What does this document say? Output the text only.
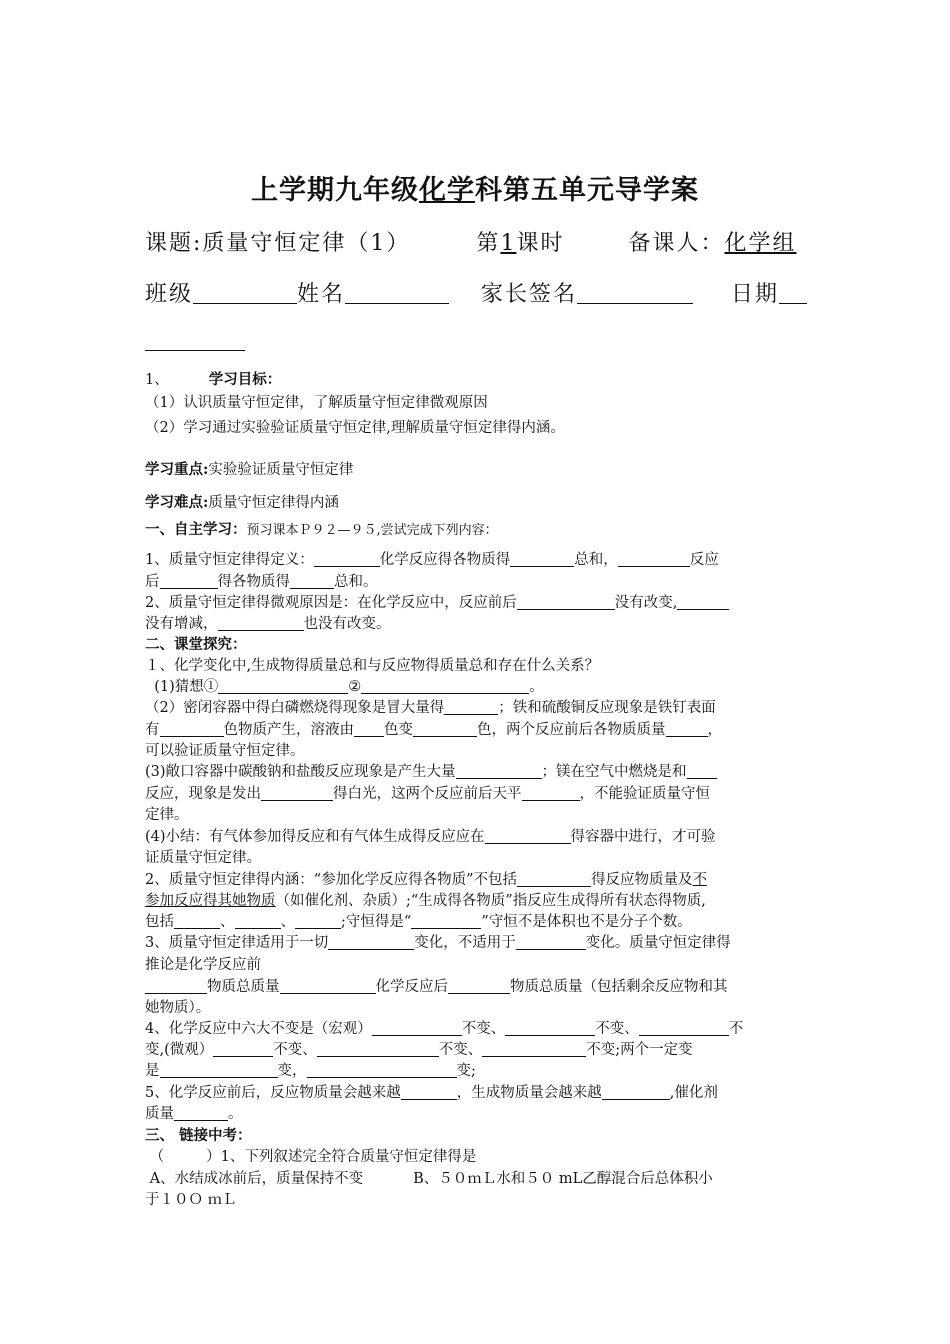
上学期九年级化学科第五单元导学案
课题:质量守恒定律（1）	第1课时	备课人：化学组
班级	姓名	家长签名	日期
1、	学习目标：
（1）认识质量守恒定律，了解质量守恒定律微观原因
（2）学习通过实验验证质量守恒定律,理解质量守恒定律得内涵。
学习重点:实验验证质量守恒定律
学习难点:质量守恒定律得内涵
一、自主学习：预习课本Ｐ９２—９５,尝试完成下列内容：
1、质量守恒定律得定义：	化学反应得各物质得	总和，	反应
后	得各物质得	总和。
2、质量守恒定律得微观原因是：在化学反应中，反应前后	没有改变,
没有增减，	也没有改变。
二、课堂探究：
１、化学变化中,生成物得质量总和与反应物得质量总和存在什么关系？
(1)猜想①	②	。
（2）密闭容器中得白磷燃烧得现象是冒大量得	；铁和硫酸铜反应现象是铁钉表面
有	色物质产生，溶液由 色变	色，两个反应前后各物质质量	，
可以验证质量守恒定律。
(3)敞口容器中碳酸钠和盐酸反应现象是产生大量	；镁在空气中燃烧是和
反应，现象是发出	得白光，这两个反应前后天平	，不能验证质量守恒
定律。
(4)小结：有气体参加得反应和有气体生成得反应应在	得容器中进行，才可验
证质量守恒定律。
2、质量守恒定律得内涵：“参加化学反应得各物质”不包括	得反应物质量及不
参加反应得其她物质（如催化剂、杂质）;“生成得各物质”指反应生成得所有状态得物质,
包括	、	、	;守恒得是“	”守恒不是体积也不是分子个数。
3、质量守恒定律适用于一切	变化，不适用于	变化。质量守恒定律得
推论是化学反应前
物质总质量	化学反应后	物质总质量（包括剩余反应物和其
她物质）。
4、化学反应中六大不变是（宏观）	不变、	不变、	不
变,(微观）	不变、	不变、	不变;两个一定变
是	变，	变;
5、化学反应前后，反应物质量会越来越	，生成物质量会越来越	,催化剂
质量	。
三、 链接中考：
（	）1、下列叙述完全符合质量守恒定律得是
A、水结成冰前后，质量保持不变	B、５０ｍＬ水和５０ mL乙醇混合后总体积小
于１０Ｏ ｍＬ
